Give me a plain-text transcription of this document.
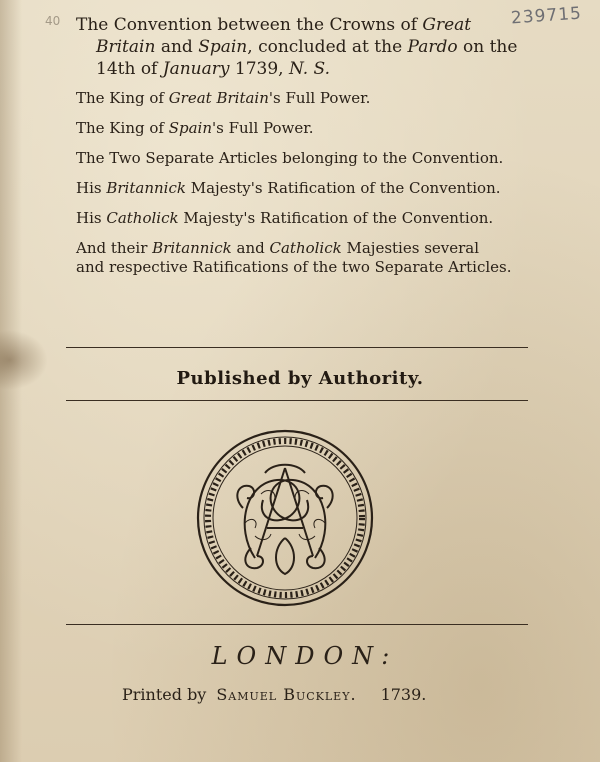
40	239715
The Convention between the Crowns of Great
Britain and Spain, concluded at the Pardo on the
14th of January 1739, N. S.
The King of Great Britain's Full Power.
The King of Spain's Full Power.
The Two Separate Articles belonging to the Convention.
His Britannick Majesty's Ratification of the Convention.
His Catholick Majesty's Ratification of the Convention.
And their Britannick and Catholick Majesties several
and respective Ratifications of the two Separate Articles.
Published by Authority.
LONDON:
Printed by Samuel Buckley. 1739.
